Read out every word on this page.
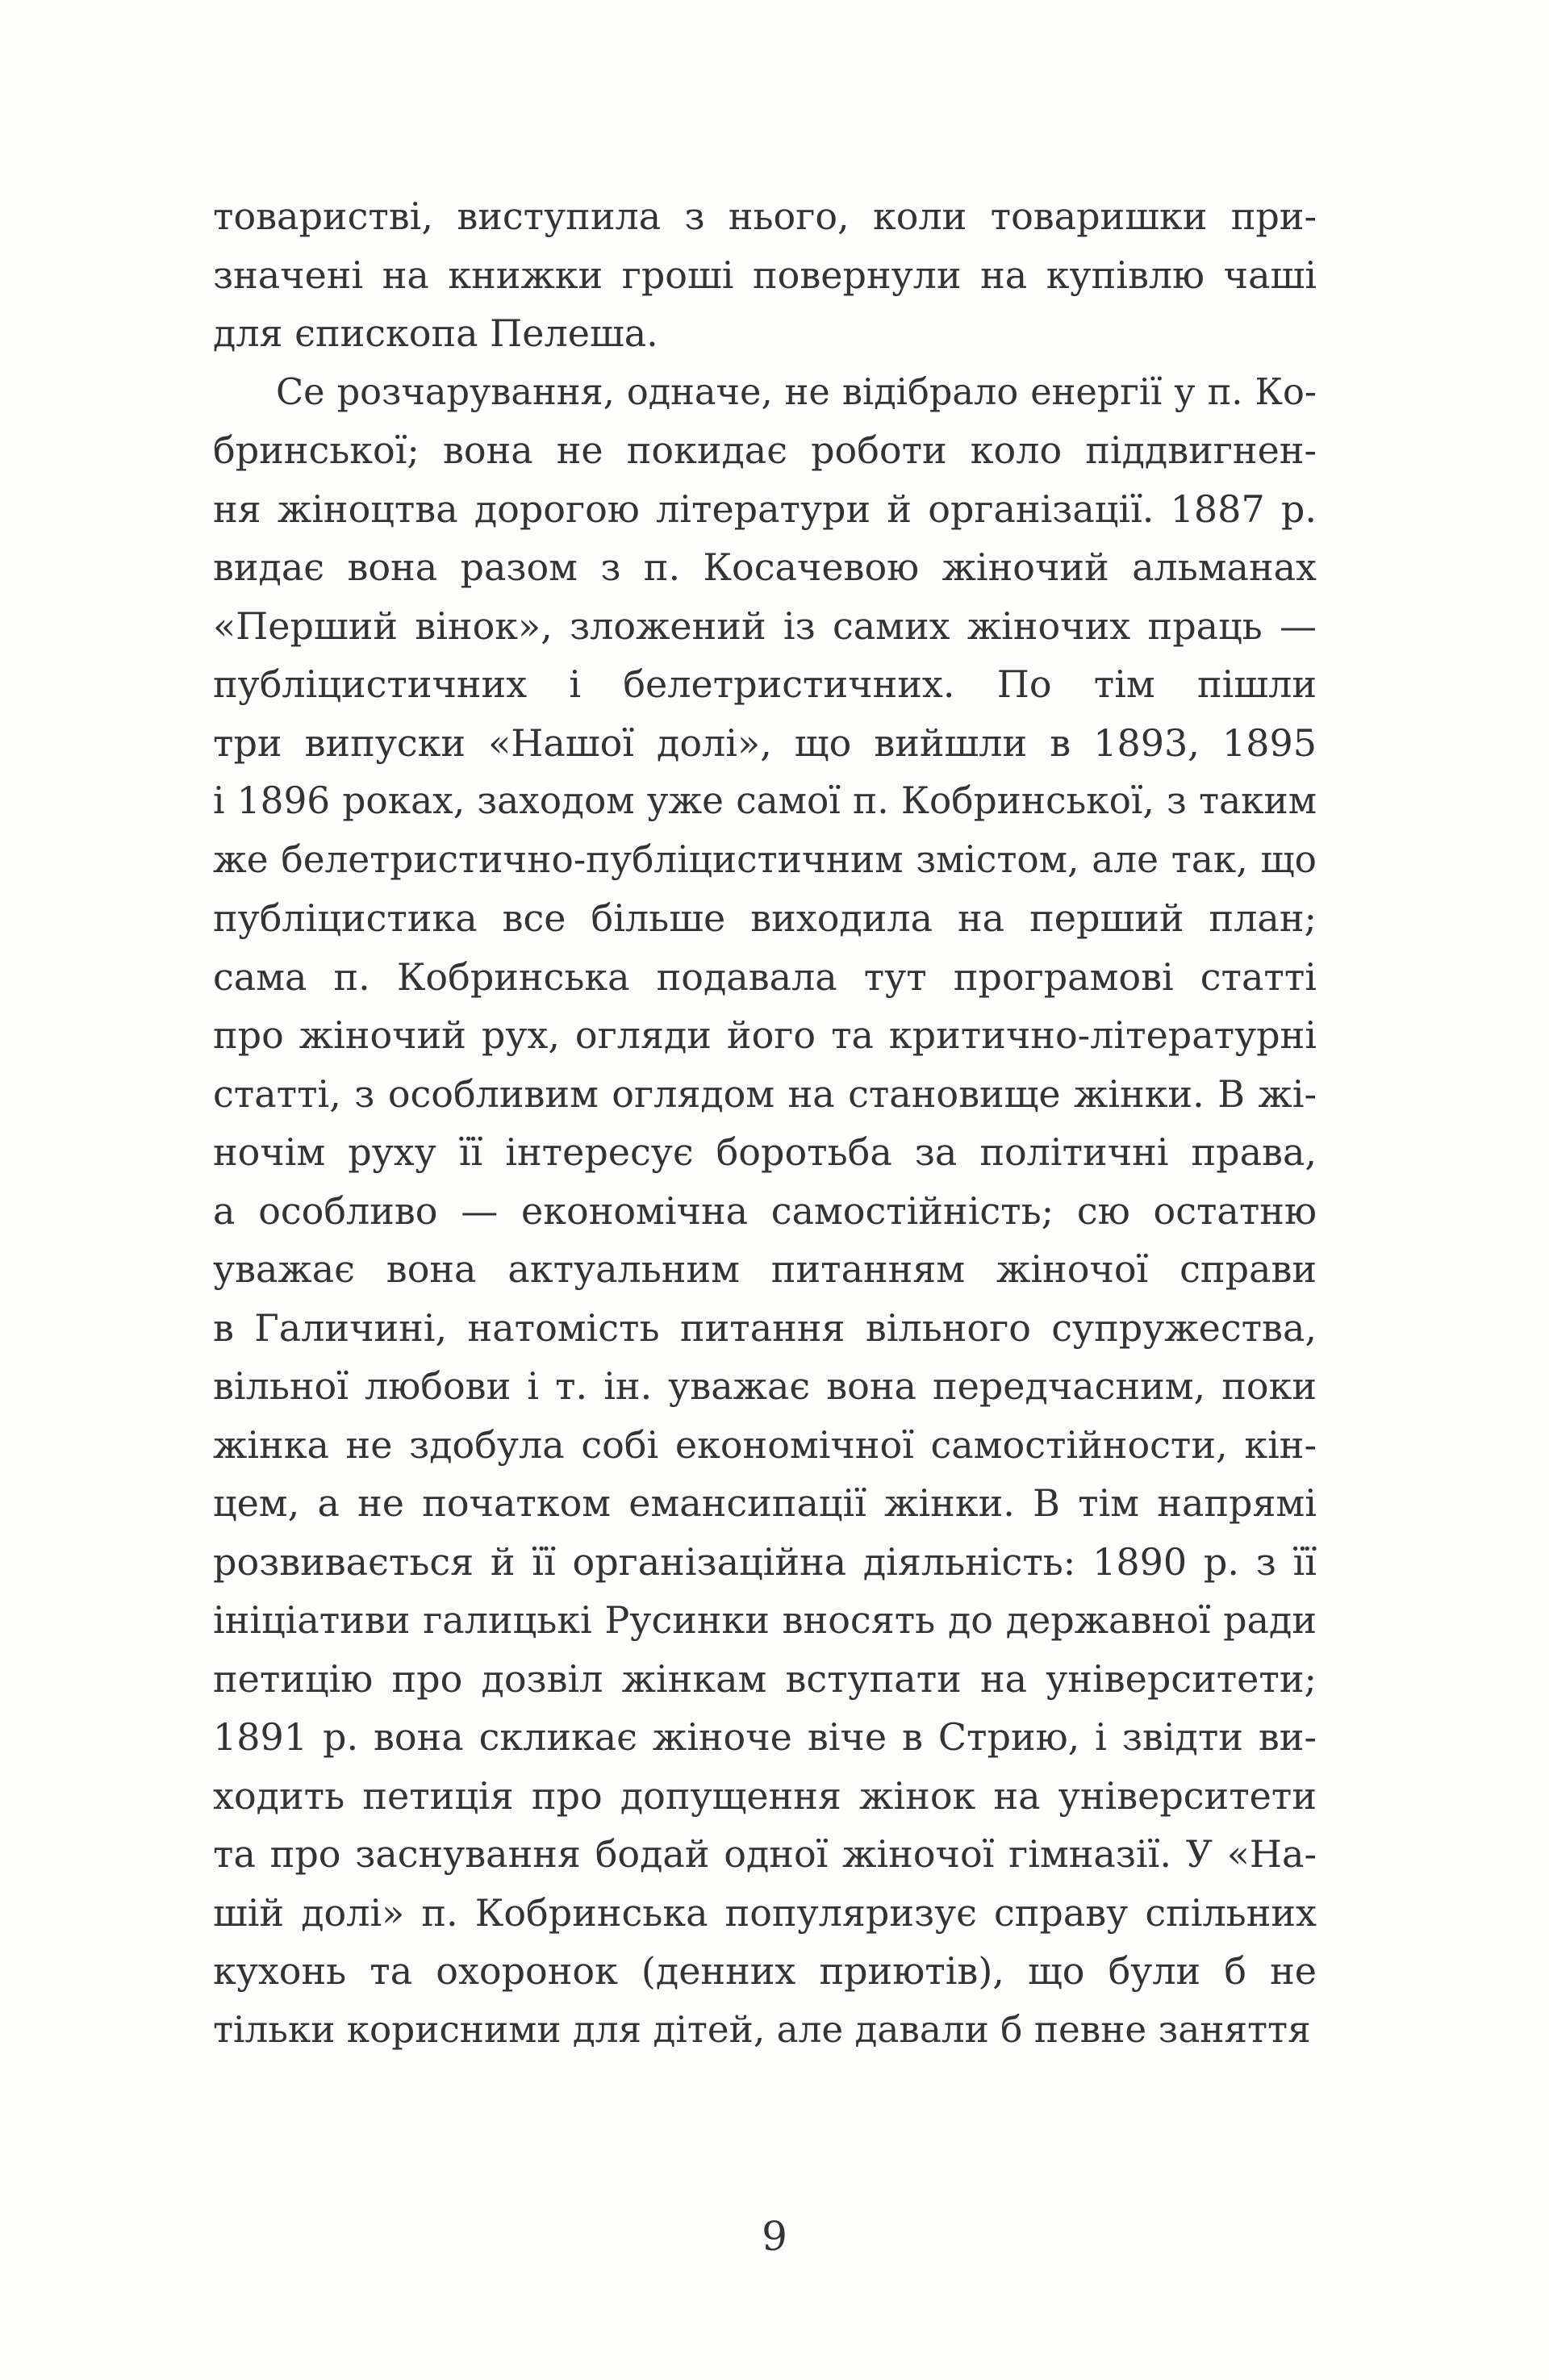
товаристві, виступила з нього, коли товаришки при-
значені на книжки гроші повернули на купівлю чаші
для єпископа Пелеша.
Се розчарування, одначе, не відібрало енергії у п. Ко-
бринської; вона не покидає роботи коло піддвигнен-
ня жіноцтва дорогою літератури й організації. 1887 р.
видає вона разом з п. Косачевою жіночий альманах
«Перший вінок», зложений із самих жіночих праць —
публіцистичних і белетристичних. По тім пішли
три випуски «Нашої долі», що вийшли в 1893, 1895
і 1896 роках, заходом уже самої п. Кобринської, з таким
же белетристично-публіцистичним змістом, але так, що
публіцистика все більше виходила на перший план;
сама п. Кобринська подавала тут програмові статті
про жіночий рух, огляди його та критично-літературні
статті, з особливим оглядом на становище жінки. В жі-
ночім руху її інтересує боротьба за політичні права,
а особливо — економічна самостійність; сю остатню
уважає вона актуальним питанням жіночої справи
в Галичині, натомість питання вільного супружества,
вільної любови і т. ін. уважає вона передчасним, поки
жінка не здобула собі економічної самостійности, кін-
цем, а не початком емансипації жінки. В тім напрямі
розвивається й її організаційна діяльність: 1890 р. з її
ініціативи галицькі Русинки вносять до державної ради
петицію про дозвіл жінкам вступати на університети;
1891 р. вона скликає жіноче віче в Стрию, і звідти ви-
ходить петиція про допущення жінок на університети
та про заснування бодай одної жіночої гімназії. У «На-
шій долі» п. Кобринська популяризує справу спільних
кухонь та охоронок (денних приютів), що були б не
тільки корисними для дітей, але давали б певне заняття
9
